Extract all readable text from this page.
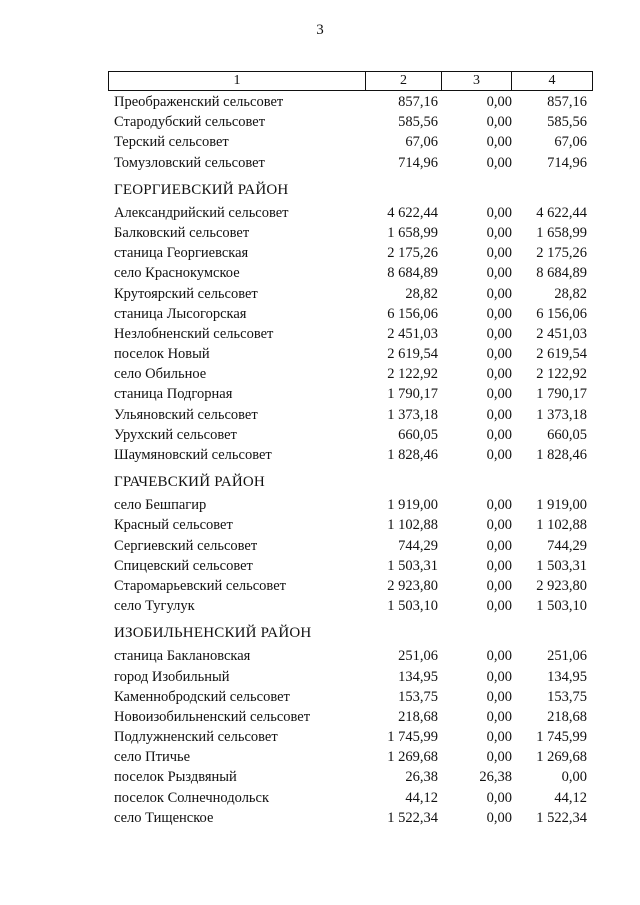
3
1	2	3	4
Преображенский сельсовет	857,16	0,00	857,16
Стародубский сельсовет	585,56	0,00	585,56
Терский сельсовет	67,06	0,00	67,06
Томузловский сельсовет	714,96	0,00	714,96
ГЕОРГИЕВСКИЙ РАЙОН
Александрийский сельсовет	4 622,44	0,00	4 622,44
Балковский сельсовет	1 658,99	0,00	1 658,99
станица Георгиевская	2 175,26	0,00	2 175,26
село Краснокумское	8 684,89	0,00	8 684,89
Крутоярский сельсовет	28,82	0,00	28,82
станица Лысогорская	6 156,06	0,00	6 156,06
Незлобненский сельсовет	2 451,03	0,00	2 451,03
поселок Новый	2 619,54	0,00	2 619,54
село Обильное	2 122,92	0,00	2 122,92
станица Подгорная	1 790,17	0,00	1 790,17
Ульяновский сельсовет	1 373,18	0,00	1 373,18
Урухский сельсовет	660,05	0,00	660,05
Шаумяновский сельсовет	1 828,46	0,00	1 828,46
ГРАЧЕВСКИЙ РАЙОН
село Бешпагир	1 919,00	0,00	1 919,00
Красный сельсовет	1 102,88	0,00	1 102,88
Сергиевский сельсовет	744,29	0,00	744,29
Спицевский сельсовет	1 503,31	0,00	1 503,31
Старомарьевский сельсовет	2 923,80	0,00	2 923,80
село Тугулук	1 503,10	0,00	1 503,10
ИЗОБИЛЬНЕНСКИЙ РАЙОН
станица Баклановская	251,06	0,00	251,06
город Изобильный	134,95	0,00	134,95
Каменнобродский сельсовет	153,75	0,00	153,75
Новоизобильненский сельсовет	218,68	0,00	218,68
Подлужненский сельсовет	1 745,99	0,00	1 745,99
село Птичье	1 269,68	0,00	1 269,68
поселок Рыздвяный	26,38	26,38	0,00
поселок Солнечнодольск	44,12	0,00	44,12
село Тищенское	1 522,34	0,00	1 522,34
